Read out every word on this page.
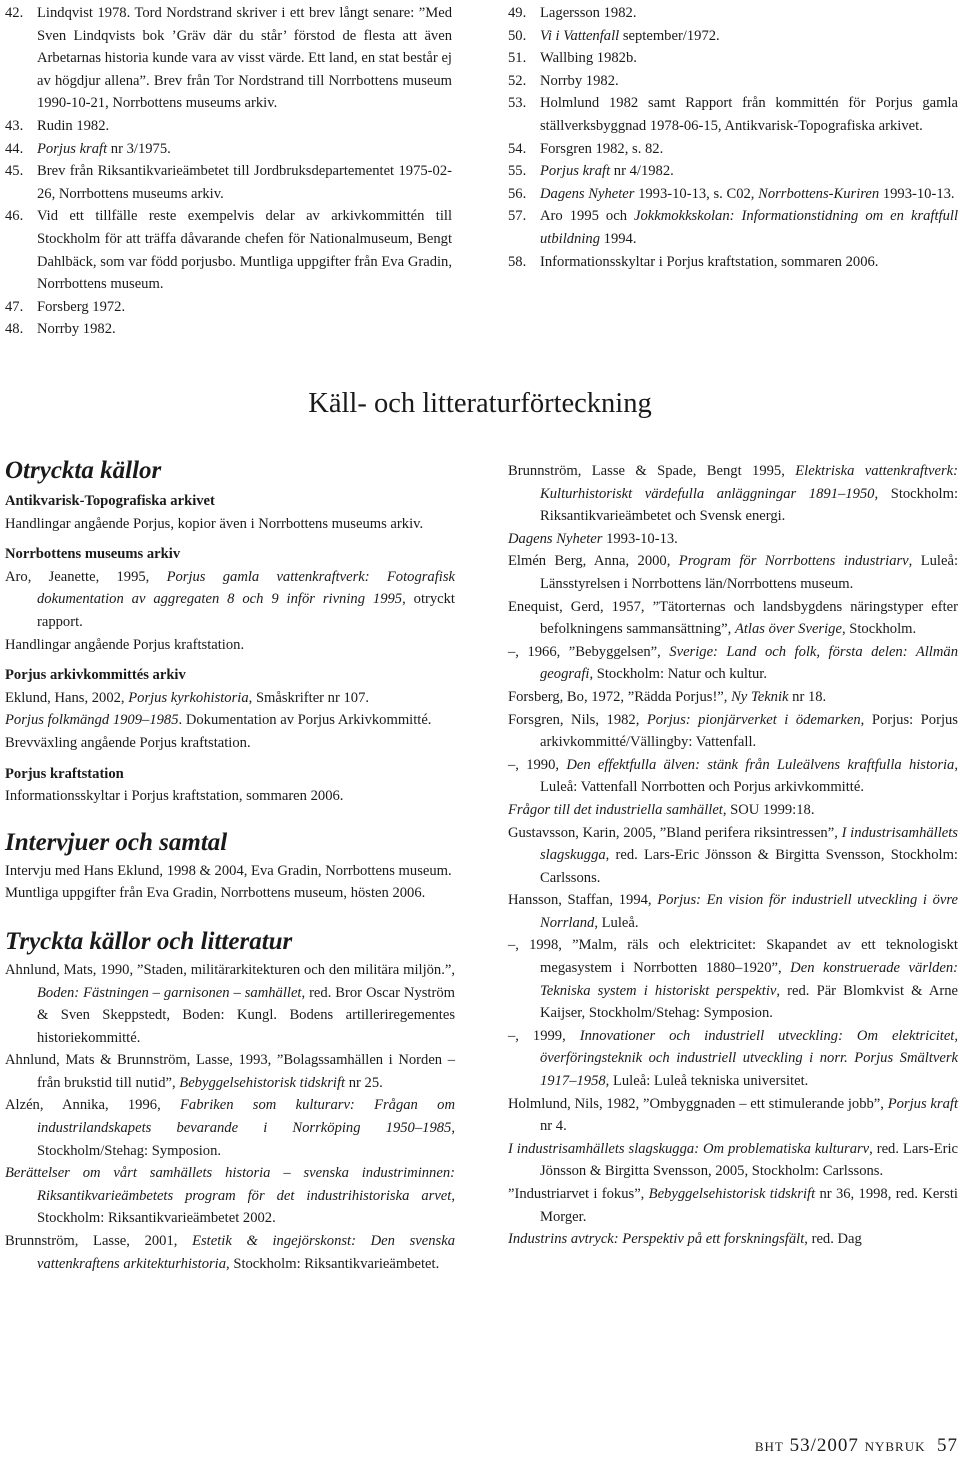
42. Lindqvist 1978. Tord Nordstrand skriver i ett brev långt senare: ”Med Sven Lindqvists bok ’Gräv där du står’ förstod de flesta att även Arbetarnas historia kunde vara av visst värde. Ett land, en stat består ej av högdjur allena”. Brev från Tor Nordstrand till Norrbottens museum 1990-10-21, Norrbottens museums arkiv.
43. Rudin 1982.
44. Porjus kraft nr 3/1975.
45. Brev från Riksantikvarieämbetet till Jordbruksdepartementet 1975-02-26, Norrbottens museums arkiv.
46. Vid ett tillfälle reste exempelvis delar av arkivkommittén till Stockholm för att träffa dåvarande chefen för Nationalmuseum, Bengt Dahlbäck, som var född porjusbo. Muntliga uppgifter från Eva Gradin, Norrbottens museum.
47. Forsberg 1972.
48. Norrby 1982.
49. Lagersson 1982.
50. Vi i Vattenfall september/1972.
51. Wallbing 1982b.
52. Norrby 1982.
53. Holmlund 1982 samt Rapport från kommittén för Porjus gamla ställverksbyggnad 1978-06-15, Antikvarisk-Topografiska arkivet.
54. Forsgren 1982, s. 82.
55. Porjus kraft nr 4/1982.
56. Dagens Nyheter 1993-10-13, s. C02, Norrbottens-Kuriren 1993-10-13.
57. Aro 1995 och Jokkmokkskolan: Informationstidning om en kraftfull utbildning 1994.
58. Informationsskyltar i Porjus kraftstation, sommaren 2006.
Käll- och litteraturförteckning
Otryckta källor
Antikvarisk-Topografiska arkivet
Handlingar angående Porjus, kopior även i Norrbottens museums arkiv.
Norrbottens museums arkiv
Aro, Jeanette, 1995, Porjus gamla vattenkraftverk: Fotografisk dokumentation av aggregaten 8 och 9 inför rivning 1995, otryckt rapport.
Handlingar angående Porjus kraftstation.
Porjus arkivkommittés arkiv
Eklund, Hans, 2002, Porjus kyrkohistoria, Småskrifter nr 107.
Porjus folkmängd 1909–1985. Dokumentation av Porjus Arkivkommitté.
Brevväxling angående Porjus kraftstation.
Porjus kraftstation
Informationsskyltar i Porjus kraftstation, sommaren 2006.
Intervjuer och samtal
Intervju med Hans Eklund, 1998 & 2004, Eva Gradin, Norrbottens museum.
Muntliga uppgifter från Eva Gradin, Norrbottens museum, hösten 2006.
Tryckta källor och litteratur
Ahnlund, Mats, 1990, ”Staden, militärarkitekturen och den militära miljön.”, Boden: Fästningen – garnisonen – samhället, red. Bror Oscar Nyström & Sven Skeppstedt, Boden: Kungl. Bodens artilleriregementes historiekommitté.
Ahnlund, Mats & Brunnström, Lasse, 1993, ”Bolagssamhällen i Norden – från brukstid till nutid”, Bebyggelsehistorisk tidskrift nr 25.
Alzén, Annika, 1996, Fabriken som kulturarv: Frågan om industrilandskapets bevarande i Norrköping 1950–1985, Stockholm/Stehag: Symposion.
Berättelser om vårt samhällets historia – svenska industriminnen: Riksantikvarieämbetets program för det industrihistoriska arvet, Stockholm: Riksantikvarieämbetet 2002.
Brunnström, Lasse, 2001, Estetik & ingejörskonst: Den svenska vattenkraftens arkitekturhistoria, Stockholm: Riksantikvarieämbetet.
Brunnström, Lasse & Spade, Bengt 1995, Elektriska vattenkraftverk: Kulturhistoriskt värdefulla anläggningar 1891–1950, Stockholm: Riksantikvarieämbetet och Svensk energi.
Dagens Nyheter 1993-10-13.
Elmén Berg, Anna, 2000, Program för Norrbottens industriarv, Luleå: Länsstyrelsen i Norrbottens län/Norrbottens museum.
Enequist, Gerd, 1957, ”Tätorternas och landsbygdens näringstyper efter befolkningens sammansättning”, Atlas över Sverige, Stockholm.
–, 1966, ”Bebyggelsen”, Sverige: Land och folk, första delen: Allmän geografi, Stockholm: Natur och kultur.
Forsberg, Bo, 1972, ”Rädda Porjus!”, Ny Teknik nr 18.
Forsgren, Nils, 1982, Porjus: pionjärverket i ödemarken, Porjus: Porjus arkivkommitté/Vällingby: Vattenfall.
–, 1990, Den effektfulla älven: stänk från Luleälvens kraftfulla historia, Luleå: Vattenfall Norrbotten och Porjus arkivkommitté.
Frågor till det industriella samhället, SOU 1999:18.
Gustavsson, Karin, 2005, ”Bland perifera riksintressen”, I industrisamhällets slagskugga, red. Lars-Eric Jönsson & Birgitta Svensson, Stockholm: Carlssons.
Hansson, Staffan, 1994, Porjus: En vision för industriell utveckling i övre Norrland, Luleå.
–, 1998, ”Malm, räls och elektricitet: Skapandet av ett teknologiskt megasystem i Norrbotten 1880–1920”, Den konstruerade världen: Tekniska system i historiskt perspektiv, red. Pär Blomkvist & Arne Kaijser, Stockholm/Stehag: Symposion.
–, 1999, Innovationer och industriell utveckling: Om elektricitet, överföringsteknik och industriell utveckling i norr. Porjus Smältverk 1917–1958, Luleå: Luleå tekniska universitet.
Holmlund, Nils, 1982, ”Ombyggnaden – ett stimulerande jobb”, Porjus kraft nr 4.
I industrisamhällets slagskugga: Om problematiska kulturarv, red. Lars-Eric Jönsson & Birgitta Svensson, 2005, Stockholm: Carlssons.
”Industriarvet i fokus”, Bebyggelsehistorisk tidskrift nr 36, 1998, red. Kersti Morger.
Industrins avtryck: Perspektiv på ett forskningsfält, red. Dag
bht 53/2007 nybruk 57
